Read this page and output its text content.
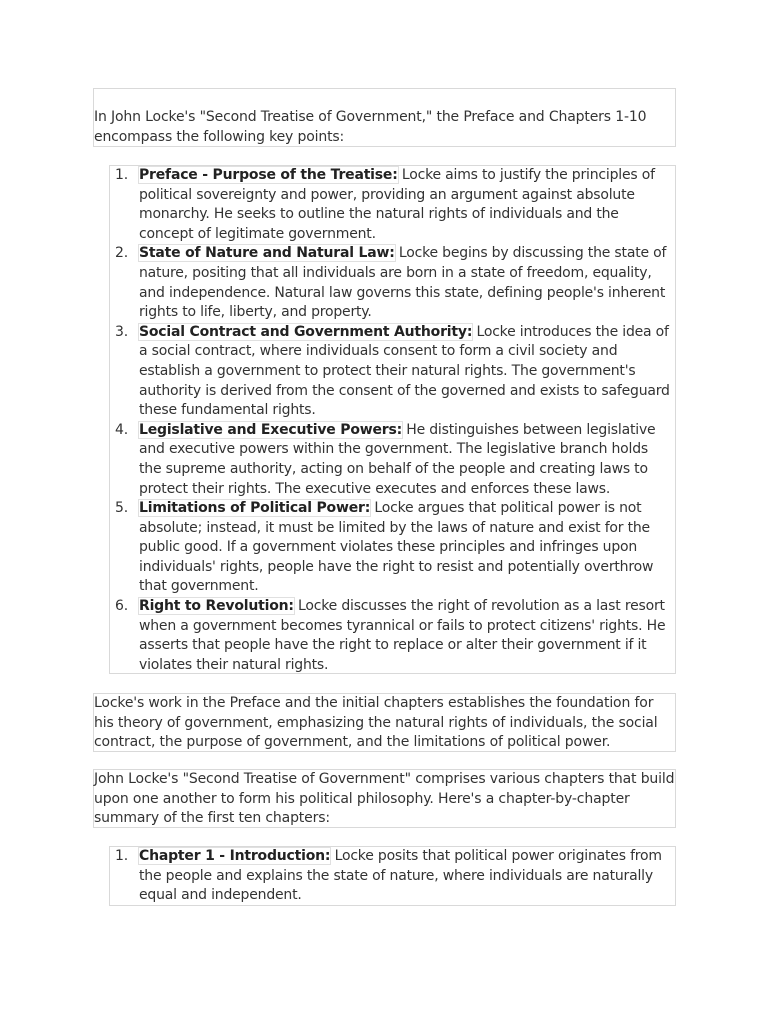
In John Locke's "Second Treatise of Government," the Preface and Chapters 1-10 encompass the following key points:

1. Preface - Purpose of the Treatise: Locke aims to justify the principles of political sovereignty and power, providing an argument against absolute monarchy. He seeks to outline the natural rights of individuals and the concept of legitimate government.
2. State of Nature and Natural Law: Locke begins by discussing the state of nature, positing that all individuals are born in a state of freedom, equality, and independence. Natural law governs this state, defining people's inherent rights to life, liberty, and property.
3. Social Contract and Government Authority: Locke introduces the idea of a social contract, where individuals consent to form a civil society and establish a government to protect their natural rights. The government's authority is derived from the consent of the governed and exists to safeguard these fundamental rights.
4. Legislative and Executive Powers: He distinguishes between legislative and executive powers within the government. The legislative branch holds the supreme authority, acting on behalf of the people and creating laws to protect their rights. The executive executes and enforces these laws.
5. Limitations of Political Power: Locke argues that political power is not absolute; instead, it must be limited by the laws of nature and exist for the public good. If a government violates these principles and infringes upon individuals' rights, people have the right to resist and potentially overthrow that government.
6. Right to Revolution: Locke discusses the right of revolution as a last resort when a government becomes tyrannical or fails to protect citizens' rights. He asserts that people have the right to replace or alter their government if it violates their natural rights.

Locke's work in the Preface and the initial chapters establishes the foundation for his theory of government, emphasizing the natural rights of individuals, the social contract, the purpose of government, and the limitations of political power.

John Locke's "Second Treatise of Government" comprises various chapters that build upon one another to form his political philosophy. Here's a chapter-by-chapter summary of the first ten chapters:

1. Chapter 1 - Introduction: Locke posits that political power originates from the people and explains the state of nature, where individuals are naturally equal and independent.
